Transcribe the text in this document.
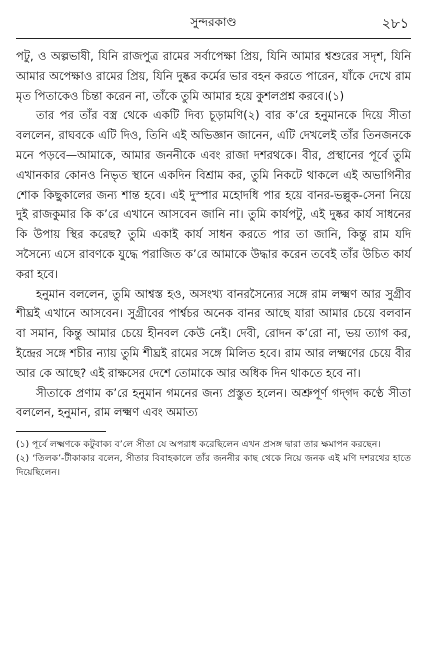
সুন্দরকাণ্ড	২৮১

পটু, ও অল্পভাষী, যিনি রাজপুত্র রামের সর্বাপেক্ষা প্রিয়, যিনি আমার শ্বশুরের সদৃশ, যিনি আমার অপেক্ষাও রামের প্রিয়, যিনি দুষ্কর কর্মের ভার বহন করতে পারেন, যাঁকে দেখে রাম মৃত পিতাকেও চিন্তা করেন না, তাঁকে তুমি আমার হয়ে কুশলপ্রশ্ন করবে।(১)

তার পর তাঁর বস্ত্র থেকে একটি দিব্য চূড়ামণি(২) বার ক’রে হনুমানকে দিয়ে সীতা বললেন, রাঘবকে এটি দিও, তিনি এই অভিজ্ঞান জানেন, এটি দেখলেই তাঁর তিনজনকে মনে পড়বে—আমাকে, আমার জননীকে এবং রাজা দশরথকে। বীর, প্রস্থানের পূর্বে তুমি এখানকার কোনও নিভৃত স্থানে একদিন বিশ্রাম কর, তুমি নিকটে থাকলে এই অভাগিনীর শোক কিছুকালের জন্য শান্ত হবে। এই দুস্পার মহোদধি পার হয়ে বানর-ভল্লুক-সেনা নিয়ে দুই রাজকুমার কি ক’রে এখানে আসবেন জানি না। তুমি কার্যপটু, এই দুষ্কর কার্য সাধনের কি উপায় স্থির করেছ? তুমি একাই কার্য সাধন করতে পার তা জানি, কিন্তু রাম যদি সসৈন্যে এসে রাবণকে যুদ্ধে পরাজিত ক’রে আমাকে উদ্ধার করেন তবেই তাঁর উচিত কার্য করা হবে।

হনুমান বললেন, তুমি আশ্বস্ত হও, অসংখ্য বানরসৈন্যের সঙ্গে রাম লক্ষ্মণ আর সুগ্রীব শীঘ্রই এখানে আসবেন। সুগ্রীবের পার্শ্বচর অনেক বানর আছে যারা আমার চেয়ে বলবান বা সমান, কিন্তু আমার চেয়ে হীনবল কেউ নেই। দেবী, রোদন ক’রো না, ভয় ত্যাগ কর, ইন্দ্রের সঙ্গে শচীর ন্যায় তুমি শীঘ্রই রামের সঙ্গে মিলিত হবে। রাম আর লক্ষ্মণের চেয়ে বীর আর কে আছে? এই রাক্ষসের দেশে তোমাকে আর অধিক দিন থাকতে হবে না।

সীতাকে প্রণাম ক’রে হনুমান গমনের জন্য প্রস্তুত হলেন। অশ্রুপূর্ণ গদ্‌গদ কণ্ঠে সীতা বললেন, হনুমান, রাম লক্ষ্মণ এবং অমাত্য

(১) পূর্বে লক্ষ্মণকে কটুবাক্য ব’লে সীতা যে অপরাধ করেছিলেন এখন প্রসঙ্গ দ্বারা তার ক্ষমাপন করছেন।

(২) ‘তিলক’-টীকাকার বলেন, সীতার বিবাহকালে তাঁর জননীর কাছ থেকে নিয়ে জনক এই মণি দশরথের হাতে দিয়েছিলেন।
